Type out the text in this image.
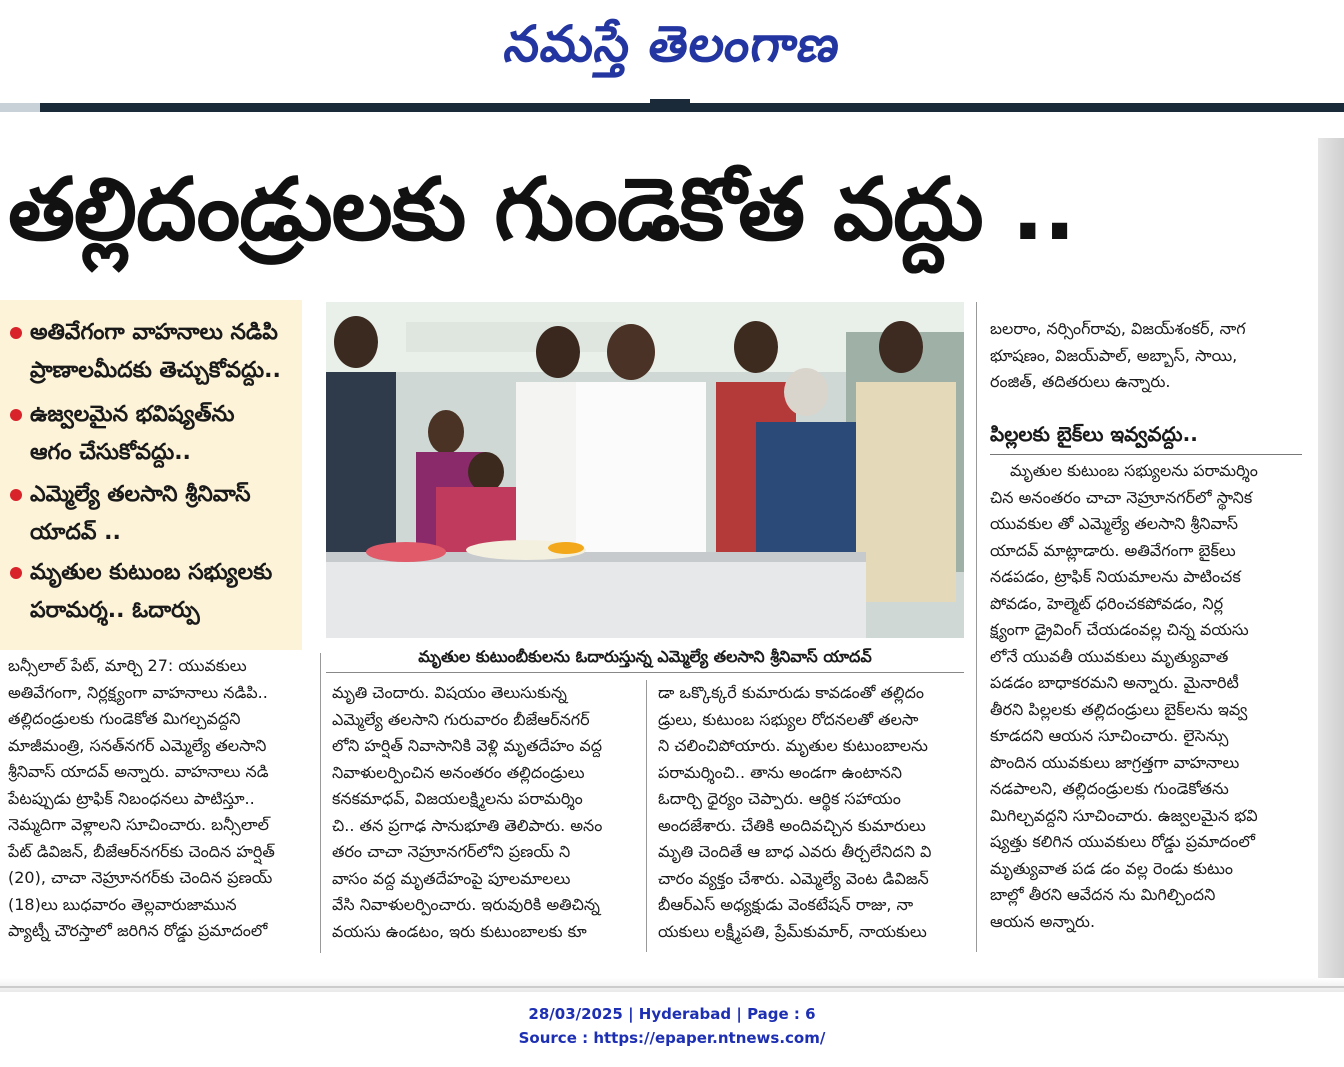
నమస్తే తెలంగాణ
తల్లిదండ్రులకు గుండెకోత వద్దు ..
అతివేగంగా వాహనాలు నడిపి
ప్రాణాలమీదకు తెచ్చుకోవద్దు..
ఉజ్వలమైన భవిష్యత్‌ను
ఆగం చేసుకోవద్దు..
ఎమ్మెల్యే తలసాని శ్రీనివాస్
యాదవ్ ..
మృతుల కుటుంబ సభ్యులకు
పరామర్శ.. ఓదార్పు
మృతుల కుటుంబీకులను ఓదారుస్తున్న ఎమ్మెల్యే తలసాని శ్రీనివాస్ యాదవ్

బన్సీలాల్ పేట్, మార్చి 27: యువకులు

అతివేగంగా, నిర్లక్ష్యంగా వాహనాలు నడిపి..

తల్లిదండ్రులకు గుండెకోత మిగల్చవద్దని

మాజీమంత్రి, సనత్‌నగర్ ఎమ్మెల్యే తలసాని

శ్రీనివాస్ యాదవ్ అన్నారు. వాహనాలు నడి

పేటప్పుడు ట్రాఫిక్ నిబంధనలు పాటిస్తూ..

నెమ్మదిగా వెళ్లాలని సూచించారు. బన్సీలాల్

పేట్ డివిజన్, బీజేఆర్‌నగర్‌కు చెందిన హర్షిత్

(20), చాచా నెహ్రూనగర్‌కు చెందిన ప్రణయ్

(18)లు బుధవారం తెల్లవారుజామున

ప్యాట్నీ చౌరస్తాలో జరిగిన రోడ్డు ప్రమాదంలో

మృతి చెందారు. విషయం తెలుసుకున్న

ఎమ్మెల్యే తలసాని గురువారం బీజేఆర్‌నగర్

లోని హర్షిత్ నివాసానికి వెళ్లి మృతదేహం వద్ద

నివాళులర్పించిన అనంతరం తల్లిదండ్రులు

కనకమాధవ్, విజయలక్ష్మిలను పరామర్శిం

చి.. తన ప్రగాఢ సానుభూతి తెలిపారు. అనం

తరం చాచా నెహ్రూనగర్‌లోని ప్రణయ్ ని

వాసం వద్ద మృతదేహంపై పూలమాలలు

వేసి నివాళులర్పించారు. ఇరువురికి అతిచిన్న

వయసు ఉండటం, ఇరు కుటుంబాలకు కూ

డా ఒక్కొక్కరే కుమారుడు కావడంతో తల్లిదం

డ్రులు, కుటుంబ సభ్యుల రోదనలతో తలసా

ని చలించిపోయారు. మృతుల కుటుంబాలను

పరామర్శించి.. తాను అండగా ఉంటానని

ఓదార్చి ధైర్యం చెప్పారు. ఆర్థిక సహాయం

అందజేశారు. చేతికి అందివచ్చిన కుమారులు

మృతి చెందితే ఆ బాధ ఎవరు తీర్చలేనిదని వి

చారం వ్యక్తం చేశారు. ఎమ్మెల్యే వెంట డివిజన్

బీఆర్‌ఎస్ అధ్యక్షుడు వెంకటేషన్ రాజు, నా

యకులు లక్ష్మీపతి, ప్రేమ్‌కుమార్, నాయకులు

బలరాం, నర్సింగ్‌రావు, విజయ్‌శంకర్, నాగ

భూషణం, విజయ్‌పాల్, అబ్బాస్, సాయి,

రంజిత్, తదితరులు ఉన్నారు.

పిల్లలకు బైక్‌లు ఇవ్వవద్దు..

మృతుల కుటుంబ సభ్యులను పరామర్శిం

చిన అనంతరం చాచా నెహ్రూనగర్‌లో స్థానిక

యువకుల తో ఎమ్మెల్యే తలసాని శ్రీనివాస్

యాదవ్ మాట్లాడారు. అతివేగంగా బైక్‌లు

నడపడం, ట్రాఫిక్ నియమాలను పాటించక

పోవడం, హెల్మెట్ ధరించకపోవడం, నిర్ల

క్ష్యంగా డ్రైవింగ్ చేయడంవల్ల చిన్న వయసు

లోనే యువతీ యువకులు మృత్యువాత

పడడం బాధాకరమని అన్నారు. మైనారిటీ

తీరని పిల్లలకు తల్లిదండ్రులు బైక్‌లను ఇవ్వ

కూడదని ఆయన సూచించారు. లైసెన్సు

పొందిన యువకులు జాగ్రత్తగా వాహనాలు

నడపాలని, తల్లిదండ్రులకు గుండెకోతను

మిగిల్చవద్దని సూచించారు. ఉజ్వలమైన భవి

ష్యత్తు కలిగిన యువకులు రోడ్డు ప్రమాదంలో

మృత్యువాత పడ డం వల్ల రెండు కుటుం

బాల్లో తీరని ఆవేదన ను మిగిల్చిందని

ఆయన అన్నారు.

28/03/2025 | Hyderabad | Page : 6
Source : https://epaper.ntnews.com/
